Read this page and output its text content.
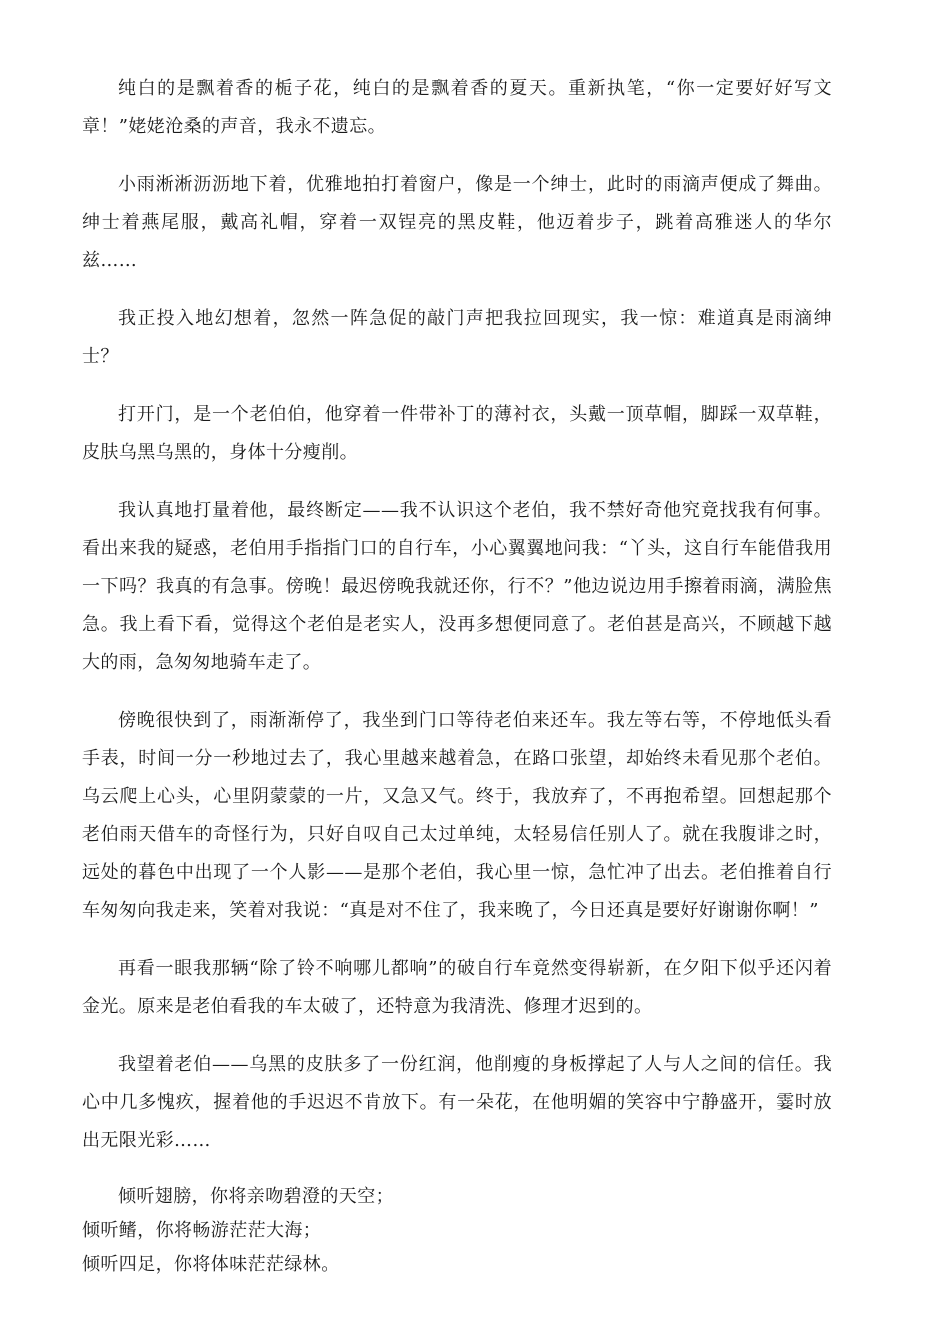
纯白的是飘着香的栀子花，纯白的是飘着香的夏天。重新执笔，“你一定要好好写文章！”姥姥沧桑的声音，我永不遗忘。

小雨淅淅沥沥地下着，优雅地拍打着窗户，像是一个绅士，此时的雨滴声便成了舞曲。绅士着燕尾服，戴高礼帽，穿着一双锃亮的黑皮鞋，他迈着步子，跳着高雅迷人的华尔兹……

我正投入地幻想着，忽然一阵急促的敲门声把我拉回现实，我一惊：难道真是雨滴绅士？

打开门，是一个老伯伯，他穿着一件带补丁的薄衬衣，头戴一顶草帽，脚踩一双草鞋，皮肤乌黑乌黑的，身体十分瘦削。

我认真地打量着他，最终断定——我不认识这个老伯，我不禁好奇他究竟找我有何事。看出来我的疑惑，老伯用手指指门口的自行车，小心翼翼地问我：“丫头，这自行车能借我用一下吗？我真的有急事。傍晚！最迟傍晚我就还你，行不？”他边说边用手擦着雨滴，满脸焦急。我上看下看，觉得这个老伯是老实人，没再多想便同意了。老伯甚是高兴，不顾越下越大的雨，急匆匆地骑车走了。

傍晚很快到了，雨渐渐停了，我坐到门口等待老伯来还车。我左等右等，不停地低头看手表，时间一分一秒地过去了，我心里越来越着急，在路口张望，却始终未看见那个老伯。乌云爬上心头，心里阴蒙蒙的一片，又急又气。终于，我放弃了，不再抱希望。回想起那个老伯雨天借车的奇怪行为，只好自叹自己太过单纯，太轻易信任别人了。就在我腹诽之时，远处的暮色中出现了一个人影——是那个老伯，我心里一惊，急忙冲了出去。老伯推着自行车匆匆向我走来，笑着对我说：“真是对不住了，我来晚了，今日还真是要好好谢谢你啊！”

再看一眼我那辆“除了铃不响哪儿都响”的破自行车竟然变得崭新，在夕阳下似乎还闪着金光。原来是老伯看我的车太破了，还特意为我清洗、修理才迟到的。

我望着老伯——乌黑的皮肤多了一份红润，他削瘦的身板撑起了人与人之间的信任。我心中几多愧疚，握着他的手迟迟不肯放下。有一朵花，在他明媚的笑容中宁静盛开，霎时放出无限光彩……

倾听翅膀，你将亲吻碧澄的天空；

倾听鳍，你将畅游茫茫大海；

倾听四足，你将体味茫茫绿林。
